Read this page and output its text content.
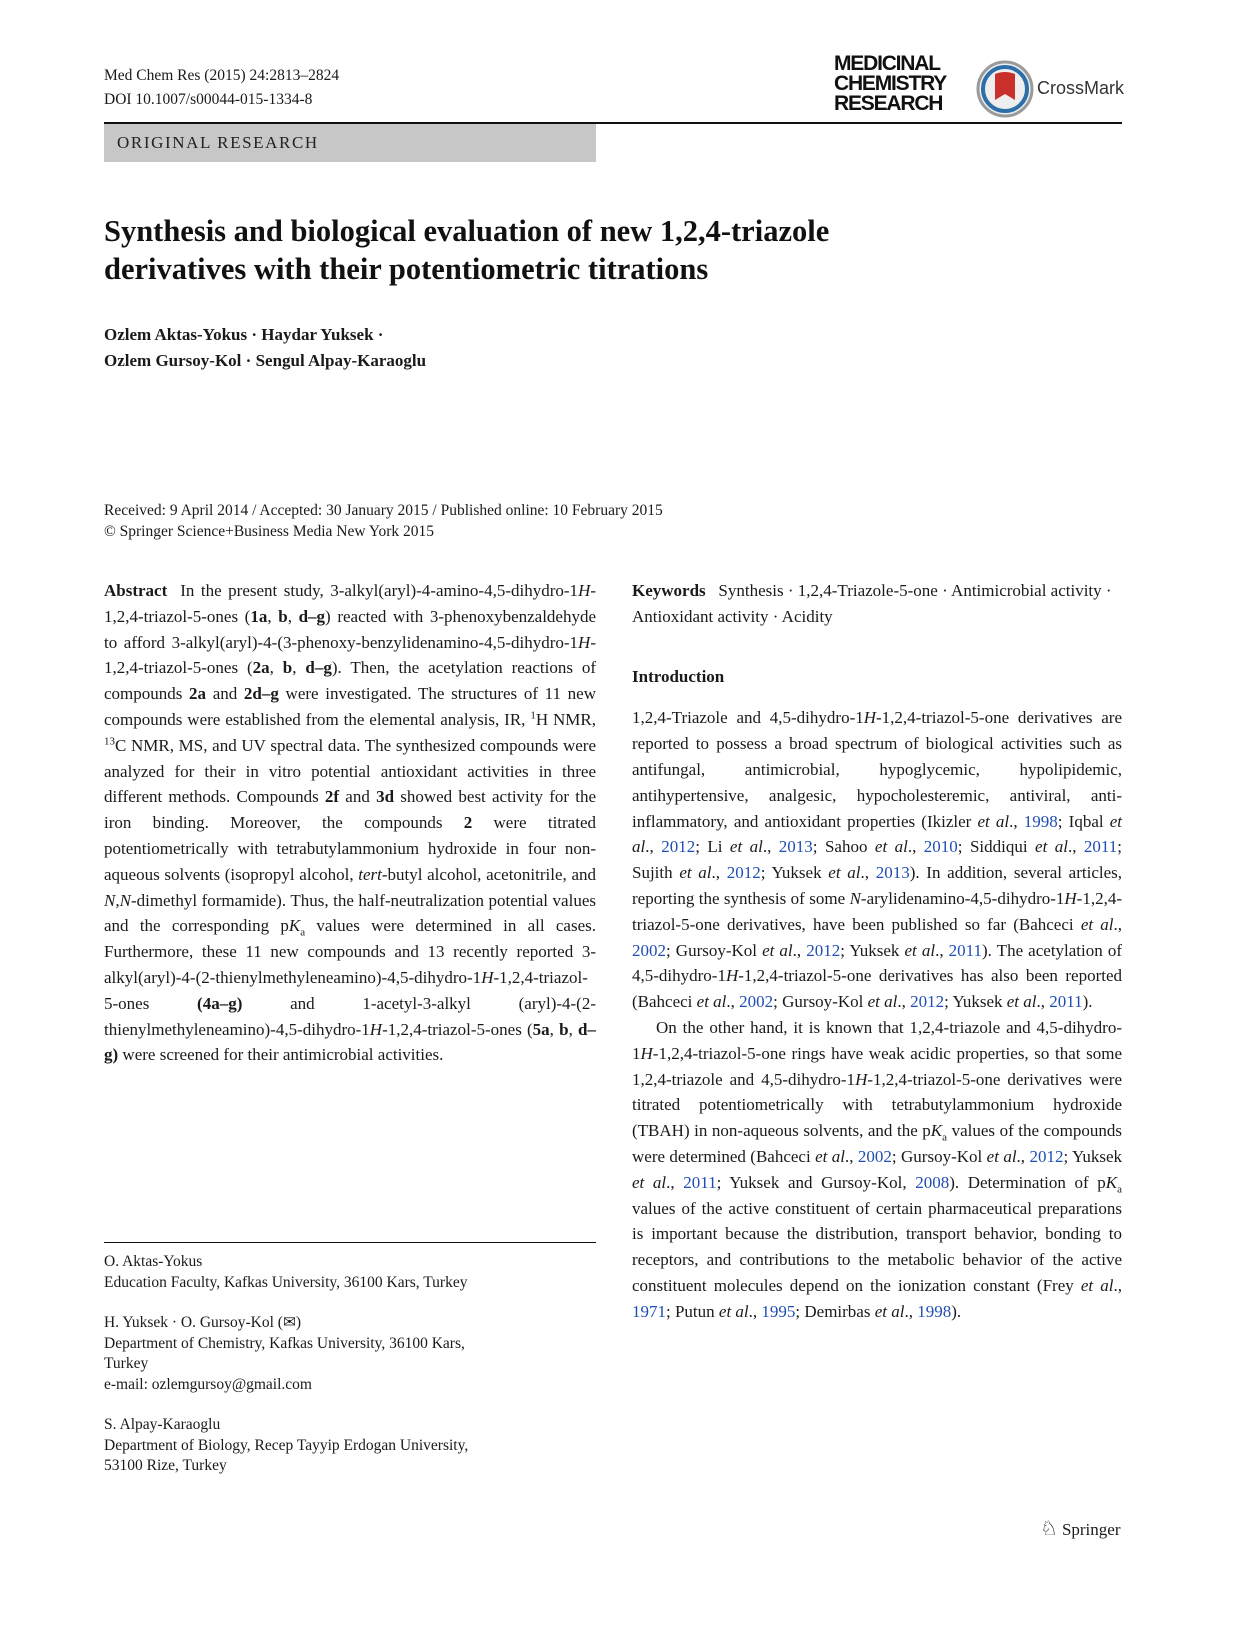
Med Chem Res (2015) 24:2813–2824
DOI 10.1007/s00044-015-1334-8
MEDICINAL
CHEMISTRY
RESEARCH
CrossMark
ORIGINAL RESEARCH
Synthesis and biological evaluation of new 1,2,4-triazole
derivatives with their potentiometric titrations
Ozlem Aktas-Yokus · Haydar Yuksek ·
Ozlem Gursoy-Kol · Sengul Alpay-Karaoglu
Received: 9 April 2014 / Accepted: 30 January 2015 / Published online: 10 February 2015
© Springer Science+Business Media New York 2015

Abstract In the present study, 3-alkyl(aryl)-4-amino-4,5-dihydro-1H-1,2,4-triazol-5-ones (1a, b, d–g) reacted with 3-phenoxybenzaldehyde to afford 3-alkyl(aryl)-4-(3-phenoxy-benzylidenamino-4,5-dihydro-1H-1,2,4-triazol-5-ones (2a, b, d–g). Then, the acetylation reactions of compounds 2a and 2d–g were investigated. The structures of 11 new compounds were established from the elemental analysis, IR, $^1$H NMR, $^{13}$C NMR, MS, and UV spectral data. The synthesized compounds were analyzed for their in vitro potential antioxidant activities in three different methods. Compounds 2f and 3d showed best activity for the iron binding. Moreover, the compounds 2 were titrated potentiometrically with tetrabutylammonium hydroxide in four non-aqueous solvents (isopropyl alcohol, tert-butyl alcohol, acetonitrile, and N,N-dimethyl formamide). Thus, the half-neutralization potential values and the corresponding $pK_a$ values were determined in all cases. Furthermore, these 11 new compounds and 13 recently reported 3-alkyl(aryl)-4-(2-thienylmethyleneamino)-4,5-dihydro-1H-1,2,4-triazol-5-ones (4a–g) and 1-acetyl-3-alkyl (aryl)-4-(2-thienylmethyleneamino)-4,5-dihydro-1H-1,2,4-triazol-5-ones (5a, b, d–g) were screened for their antimicrobial activities.

O. Aktas-Yokus
Education Faculty, Kafkas University, 36100 Kars, Turkey
H. Yuksek · O. Gursoy-Kol (✉)
Department of Chemistry, Kafkas University, 36100 Kars,
Turkey
e-mail: ozlemgursoy@gmail.com
S. Alpay-Karaoglu
Department of Biology, Recep Tayyip Erdogan University,
53100 Rize, Turkey

Keywords Synthesis · 1,2,4-Triazole-5-one · Antimicrobial activity · Antioxidant activity · Acidity

Introduction

1,2,4-Triazole and 4,5-dihydro-1H-1,2,4-triazol-5-one derivatives are reported to possess a broad spectrum of biological activities such as antifungal, antimicrobial, hypoglycemic, hypolipidemic, antihypertensive, analgesic, hypocholesteremic, antiviral, anti-inflammatory, and antioxidant properties (Ikizler et al., 1998; Iqbal et al., 2012; Li et al., 2013; Sahoo et al., 2010; Siddiqui et al., 2011; Sujith et al., 2012; Yuksek et al., 2013). In addition, several articles, reporting the synthesis of some N-arylidenamino-4,5-dihydro-1H-1,2,4-triazol-5-one derivatives, have been published so far (Bahceci et al., 2002; Gursoy-Kol et al., 2012; Yuksek et al., 2011). The acetylation of 4,5-dihydro-1H-1,2,4-triazol-5-one derivatives has also been reported (Bahceci et al., 2002; Gursoy-Kol et al., 2012; Yuksek et al., 2011).

On the other hand, it is known that 1,2,4-triazole and 4,5-dihydro-1H-1,2,4-triazol-5-one rings have weak acidic properties, so that some 1,2,4-triazole and 4,5-dihydro-1H-1,2,4-triazol-5-one derivatives were titrated potentiometrically with tetrabutylammonium hydroxide (TBAH) in non-aqueous solvents, and the $pK_a$ values of the compounds were determined (Bahceci et al., 2002; Gursoy-Kol et al., 2012; Yuksek et al., 2011; Yuksek and Gursoy-Kol, 2008). Determination of $pK_a$ values of the active constituent of certain pharmaceutical preparations is important because the distribution, transport behavior, bonding to receptors, and contributions to the metabolic behavior of the active constituent molecules depend on the ionization constant (Frey et al., 1971; Putun et al., 1995; Demirbas et al., 1998).

♘ Springer
